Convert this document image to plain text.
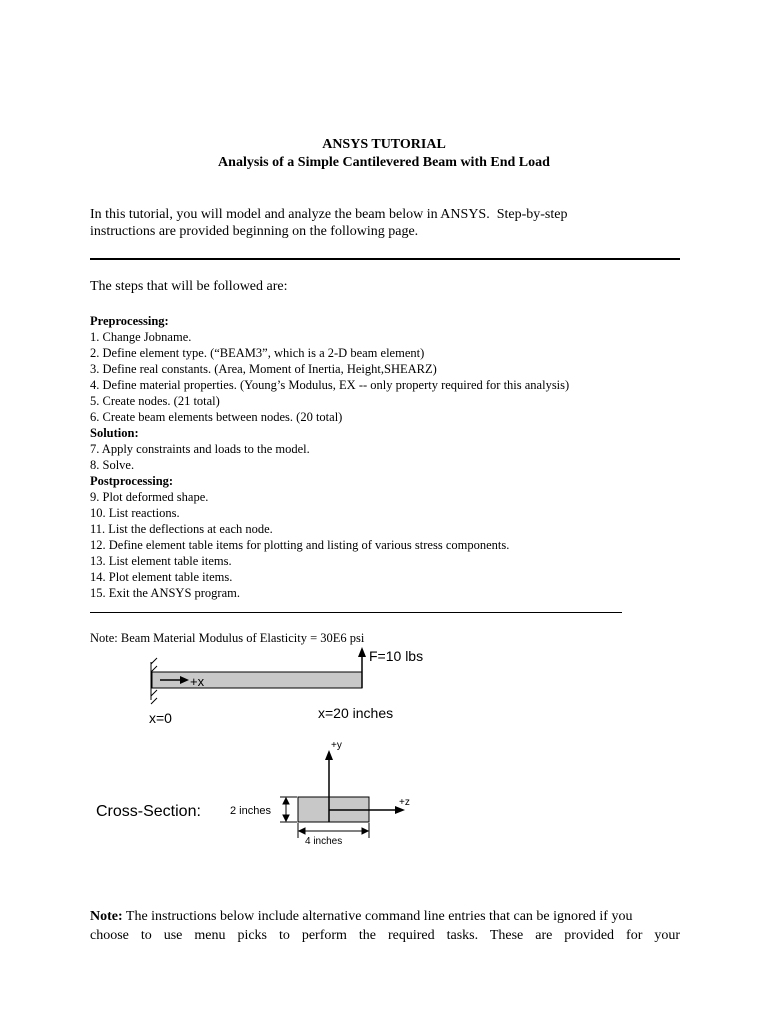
ANSYS TUTORIAL
Analysis of a Simple Cantilevered Beam with End Load
In this tutorial, you will model and analyze the beam below in ANSYS.  Step-by-step
instructions are provided beginning on the following page.
The steps that will be followed are:
Preprocessing:
1. Change Jobname.
2. Define element type. (“BEAM3”, which is a 2-D beam element)
3. Define real constants. (Area, Moment of Inertia, Height,SHEARZ)
4. Define material properties. (Young’s Modulus, EX -- only property required for this analysis)
5. Create nodes. (21 total)
6. Create beam elements between nodes. (20 total)
Solution:
7. Apply constraints and loads to the model.
8. Solve.
Postprocessing:
9. Plot deformed shape.
10. List reactions.
11. List the deflections at each node.
12. Define element table items for plotting and listing of various stress components.
13. List element table items.
14. Plot element table items.
15. Exit the ANSYS program.
Note: Beam Material Modulus of Elasticity = 30E6 psi
+x
F=10 lbs
x=0	x=20 inches
Cross-Section:
+y
+z
2 inches
4 inches
Note: The instructions below include alternative command line entries that can be ignored if you
choose to use menu picks to perform the required tasks. These are provided for your
